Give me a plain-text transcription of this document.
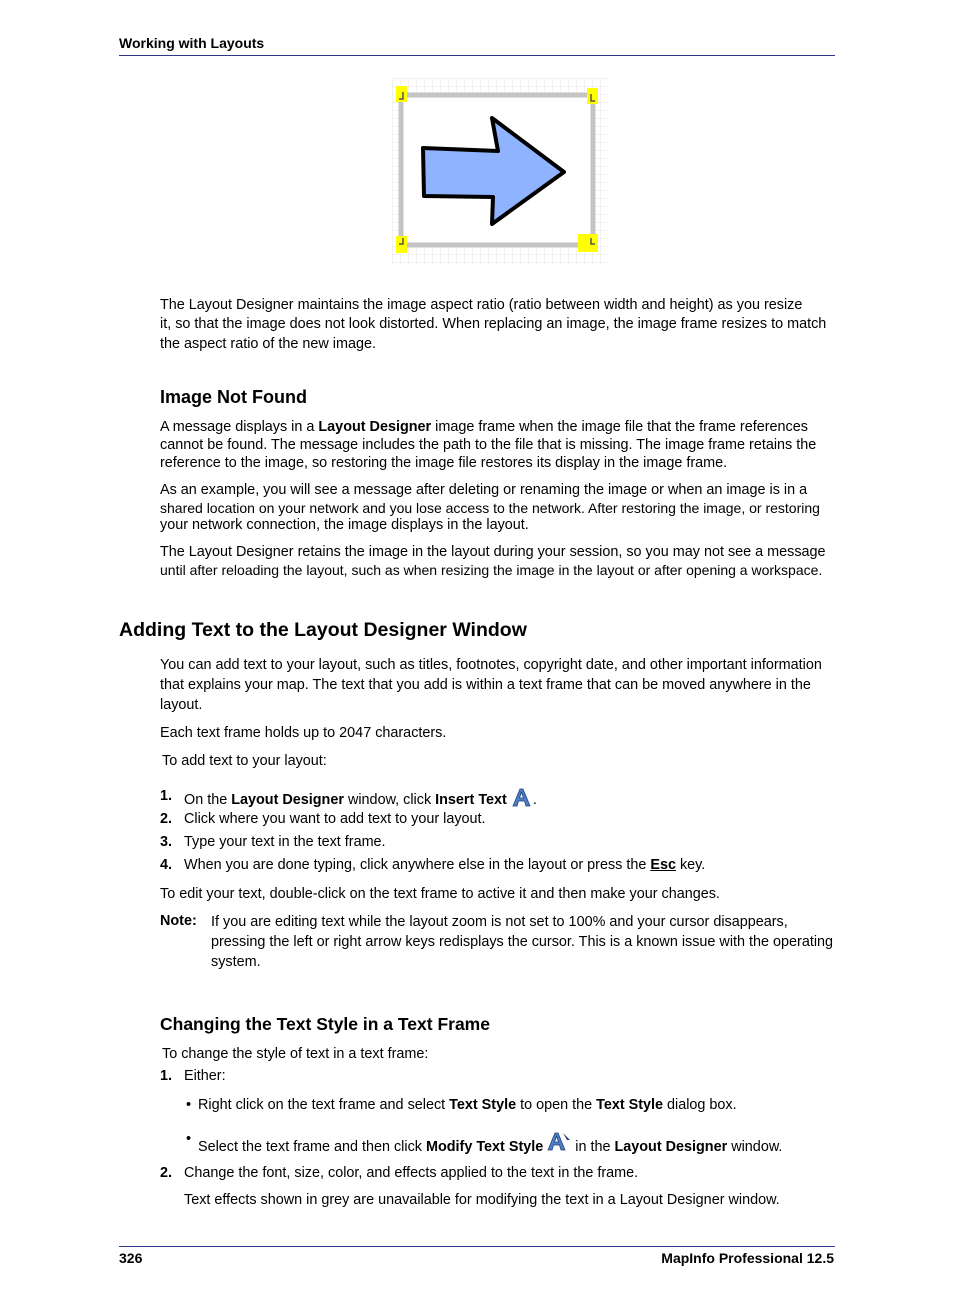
Working with Layouts
The Layout Designer maintains the image aspect ratio (ratio between width and height) as you resize
it, so that the image does not look distorted. When replacing an image, the image frame resizes to match
the aspect ratio of the new image.
Image Not Found
A message displays in a Layout Designer image frame when the image file that the frame references
cannot be found. The message includes the path to the file that is missing. The image frame retains the
reference to the image, so restoring the image file restores its display in the image frame.
As an example, you will see a message after deleting or renaming the image or when an image is in a
shared location on your network and you lose access to the network. After restoring the image, or restoring
your network connection, the image displays in the layout.
The Layout Designer retains the image in the layout during your session, so you may not see a message
until after reloading the layout, such as when resizing the image in the layout or after opening a workspace.
Adding Text to the Layout Designer Window
You can add text to your layout, such as titles, footnotes, copyright date, and other important information
that explains your map. The text that you add is within a text frame that can be moved anywhere in the
layout.
Each text frame holds up to 2047 characters.
To add text to your layout:
1. On the Layout Designer window, click Insert Text .
2. Click where you want to add text to your layout.
3. Type your text in the text frame.
4. When you are done typing, click anywhere else in the layout or press the Esc key.
To edit your text, double-click on the text frame to active it and then make your changes.
Note: If you are editing text while the layout zoom is not set to 100% and your cursor disappears,
pressing the left or right arrow keys redisplays the cursor. This is a known issue with the operating
system.
Changing the Text Style in a Text Frame
To change the style of text in a text frame:
1. Either:
• Right click on the text frame and select Text Style to open the Text Style dialog box.
• Select the text frame and then click Modify Text Style  in the Layout Designer window.
2. Change the font, size, color, and effects applied to the text in the frame.
Text effects shown in grey are unavailable for modifying the text in a Layout Designer window.
326	MapInfo Professional 12.5
